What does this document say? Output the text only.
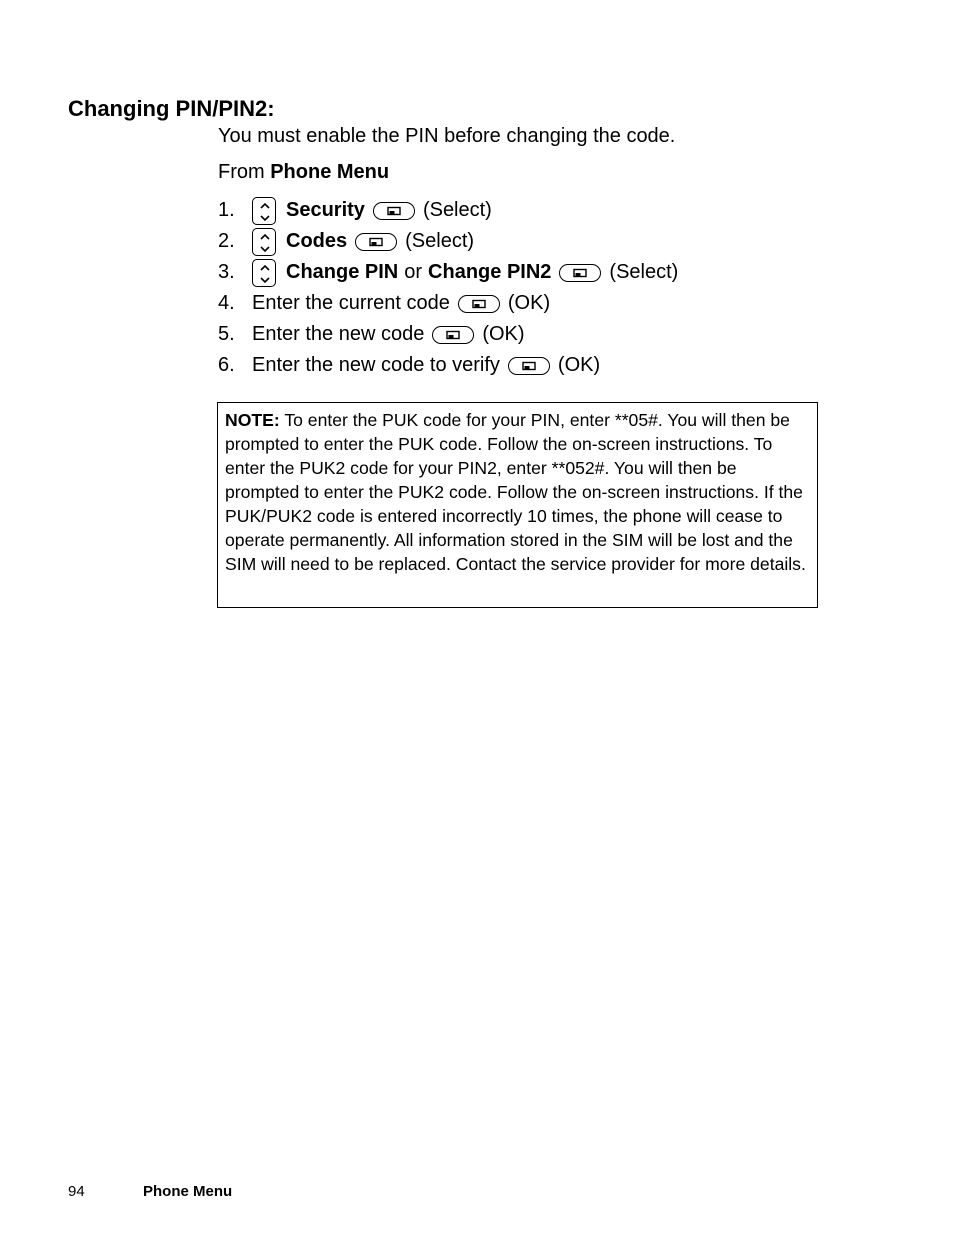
Changing PIN/PIN2:
You must enable the PIN before changing the code.
From Phone Menu
1.	Security	(Select)
2.	Codes	(Select)
3.	Change PIN or Change PIN2	(Select)
4. Enter the current code	(OK)
5. Enter the new code	(OK)
6. Enter the new code to verify	(OK)
NOTE: To enter the PUK code for your PIN, enter **05#. You will then be prompted to enter the PUK code. Follow the on-screen instructions. To enter the PUK2 code for your PIN2, enter **052#. You will then be prompted to enter the PUK2 code. Follow the on-screen instructions. If the PUK/PUK2 code is entered incorrectly 10 times, the phone will cease to operate permanently. All information stored in the SIM will be lost and the SIM will need to be replaced. Contact the service provider for more details.
94	Phone Menu
